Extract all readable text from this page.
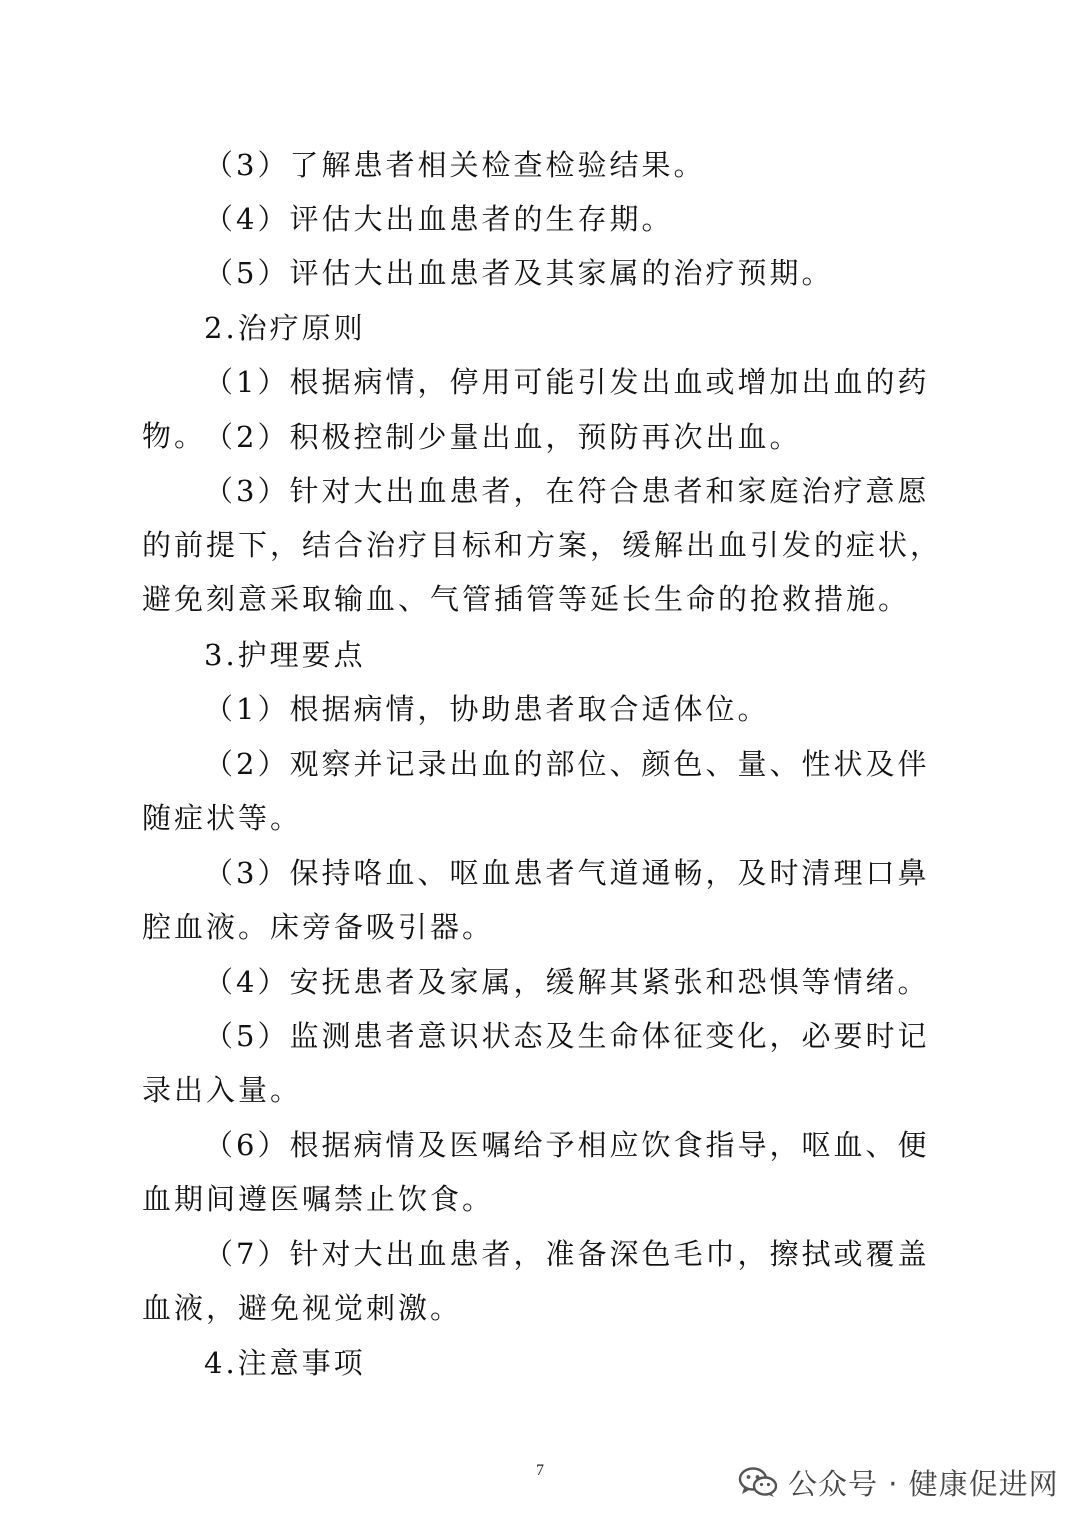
（3）了解患者相关检查检验结果。

（4）评估大出血患者的生存期。

（5）评估大出血患者及其家属的治疗预期。

2.治疗原则

（1）根据病情，停用可能引发出血或增加出血的药物。

（2）积极控制少量出血，预防再次出血。

（3）针对大出血患者，在符合患者和家庭治疗意愿的前提下，结合治疗目标和方案，缓解出血引发的症状，避免刻意采取输血、气管插管等延长生命的抢救措施。

3.护理要点

（1）根据病情，协助患者取合适体位。

（2）观察并记录出血的部位、颜色、量、性状及伴随症状等。

（3）保持咯血、呕血患者气道通畅，及时清理口鼻腔血液。床旁备吸引器。

（4）安抚患者及家属，缓解其紧张和恐惧等情绪。

（5）监测患者意识状态及生命体征变化，必要时记录出入量。

（6）根据病情及医嘱给予相应饮食指导，呕血、便血期间遵医嘱禁止饮食。

（7）针对大出血患者，准备深色毛巾，擦拭或覆盖血液，避免视觉刺激。

4.注意事项

7	公众号 · 健康促进网
